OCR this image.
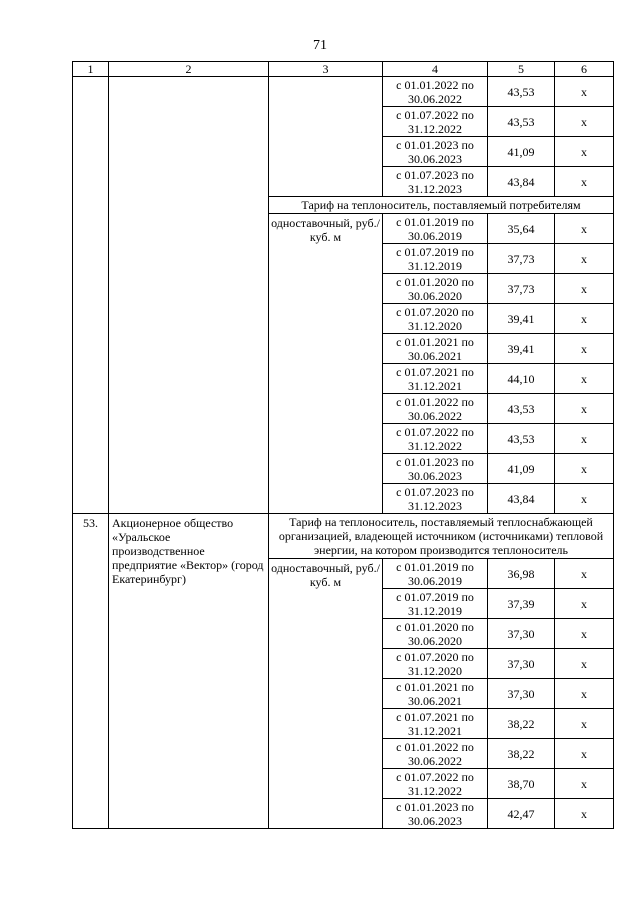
71
1	2	3	4	5	6
			с 01.01.2022 по 30.06.2022	43,53	х
			с 01.07.2022 по 31.12.2022	43,53	х
			с 01.01.2023 по 30.06.2023	41,09	х
			с 01.07.2023 по 31.12.2023	43,84	х
		Тариф на теплоноситель, поставляемый потребителям			
		одноставочный, руб./куб. м	с 01.01.2019 по 30.06.2019	35,64	х
			с 01.07.2019 по 31.12.2019	37,73	х
			с 01.01.2020 по 30.06.2020	37,73	х
			с 01.07.2020 по 31.12.2020	39,41	х
			с 01.01.2021 по 30.06.2021	39,41	х
			с 01.07.2021 по 31.12.2021	44,10	х
			с 01.01.2022 по 30.06.2022	43,53	х
			с 01.07.2022 по 31.12.2022	43,53	х
			с 01.01.2023 по 30.06.2023	41,09	х
			с 01.07.2023 по 31.12.2023	43,84	х
53.	Акционерное общество «Уральское производственное предприятие «Вектор» (город Екатеринбург)	Тариф на теплоноситель, поставляемый теплоснабжающей организацией, владеющей источником (источниками) тепловой энергии, на котором производится теплоноситель			
		одноставочный, руб./куб. м	с 01.01.2019 по 30.06.2019	36,98	х
			с 01.07.2019 по 31.12.2019	37,39	х
			с 01.01.2020 по 30.06.2020	37,30	х
			с 01.07.2020 по 31.12.2020	37,30	х
			с 01.01.2021 по 30.06.2021	37,30	х
			с 01.07.2021 по 31.12.2021	38,22	х
			с 01.01.2022 по 30.06.2022	38,22	х
			с 01.07.2022 по 31.12.2022	38,70	х
			с 01.01.2023 по 30.06.2023	42,47	х
